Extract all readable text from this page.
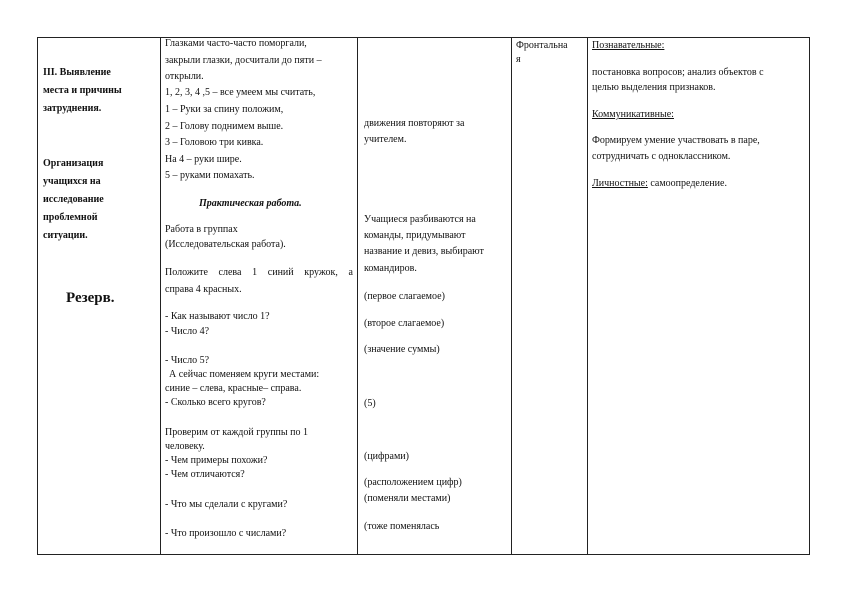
III. Выявление
места и причины
затруднения.
Организация
учащихся на
исследование
проблемной
ситуации.
Резерв.

Глазками часто-часто поморгали,
закрыли глазки, досчитали до пяти –
открыли.
1, 2, 3, 4 ,5 – все умеем мы считать,
1 – Руки за спину положим,
2 – Голову поднимем выше.
3 – Головою три кивка.
На 4 – руки шире.
5 – руками помахать.
Практическая работа.
Работа в группах
(Исследовательская работа).
Положите слева 1 синий кружок, а
справа 4 красных.
- Как называют число 1?
- Число 4?
- Число 5?
А сейчас поменяем круги местами:
синие – слева, красные– справа.
- Сколько всего кругов?
Проверим от каждой группы по 1
человеку.
- Чем примеры похожи?
- Чем отличаются?
- Что мы сделали с кругами?
- Что произошло с числами?

движения повторяют за
учителем.
Учащиеся разбиваются на
команды, придумывают
название и девиз, выбирают
командиров.
(первое слагаемое)
(второе слагаемое)
(значение суммы)
(5)
(цифрами)
(расположением цифр)
(поменяли местами)
(тоже поменялась

Фронтальна
я

Познавательные:
постановка вопросов; анализ объектов с
целью выделения признаков.
Коммуникативные:
Формируем умение участвовать в паре,
сотрудничать с одноклассником.
Личностные: самоопределение.
